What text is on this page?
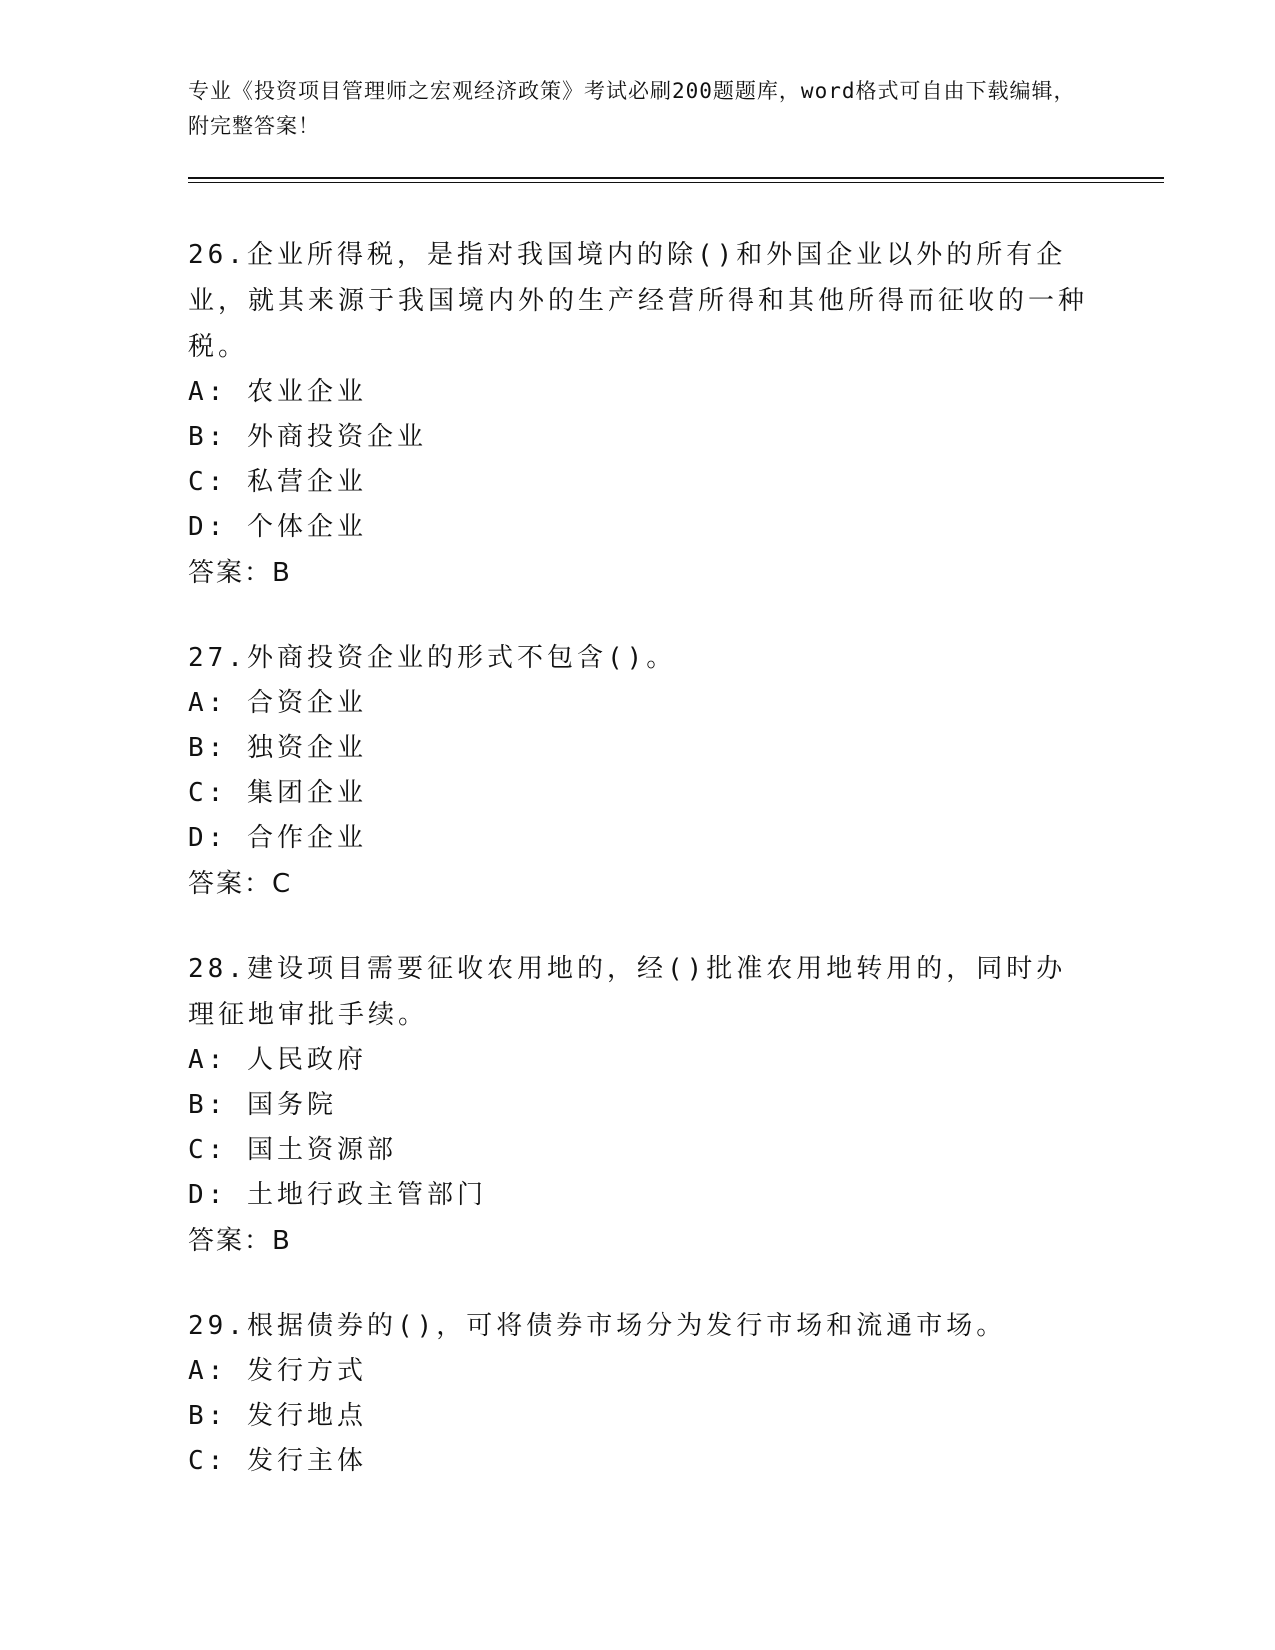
专业《投资项目管理师之宏观经济政策》考试必刷200题题库，word格式可自由下载编辑，附完整答案！
26.企业所得税，是指对我国境内的除()和外国企业以外的所有企业，就其来源于我国境内外的生产经营所得和其他所得而征收的一种税。
A: 农业企业
B: 外商投资企业
C: 私营企业
D: 个体企业
答案：B
27.外商投资企业的形式不包含()。
A: 合资企业
B: 独资企业
C: 集团企业
D: 合作企业
答案：C
28.建设项目需要征收农用地的，经()批准农用地转用的，同时办理征地审批手续。
A: 人民政府
B: 国务院
C: 国土资源部
D: 土地行政主管部门
答案：B
29.根据债券的()，可将债券市场分为发行市场和流通市场。
A: 发行方式
B: 发行地点
C: 发行主体
